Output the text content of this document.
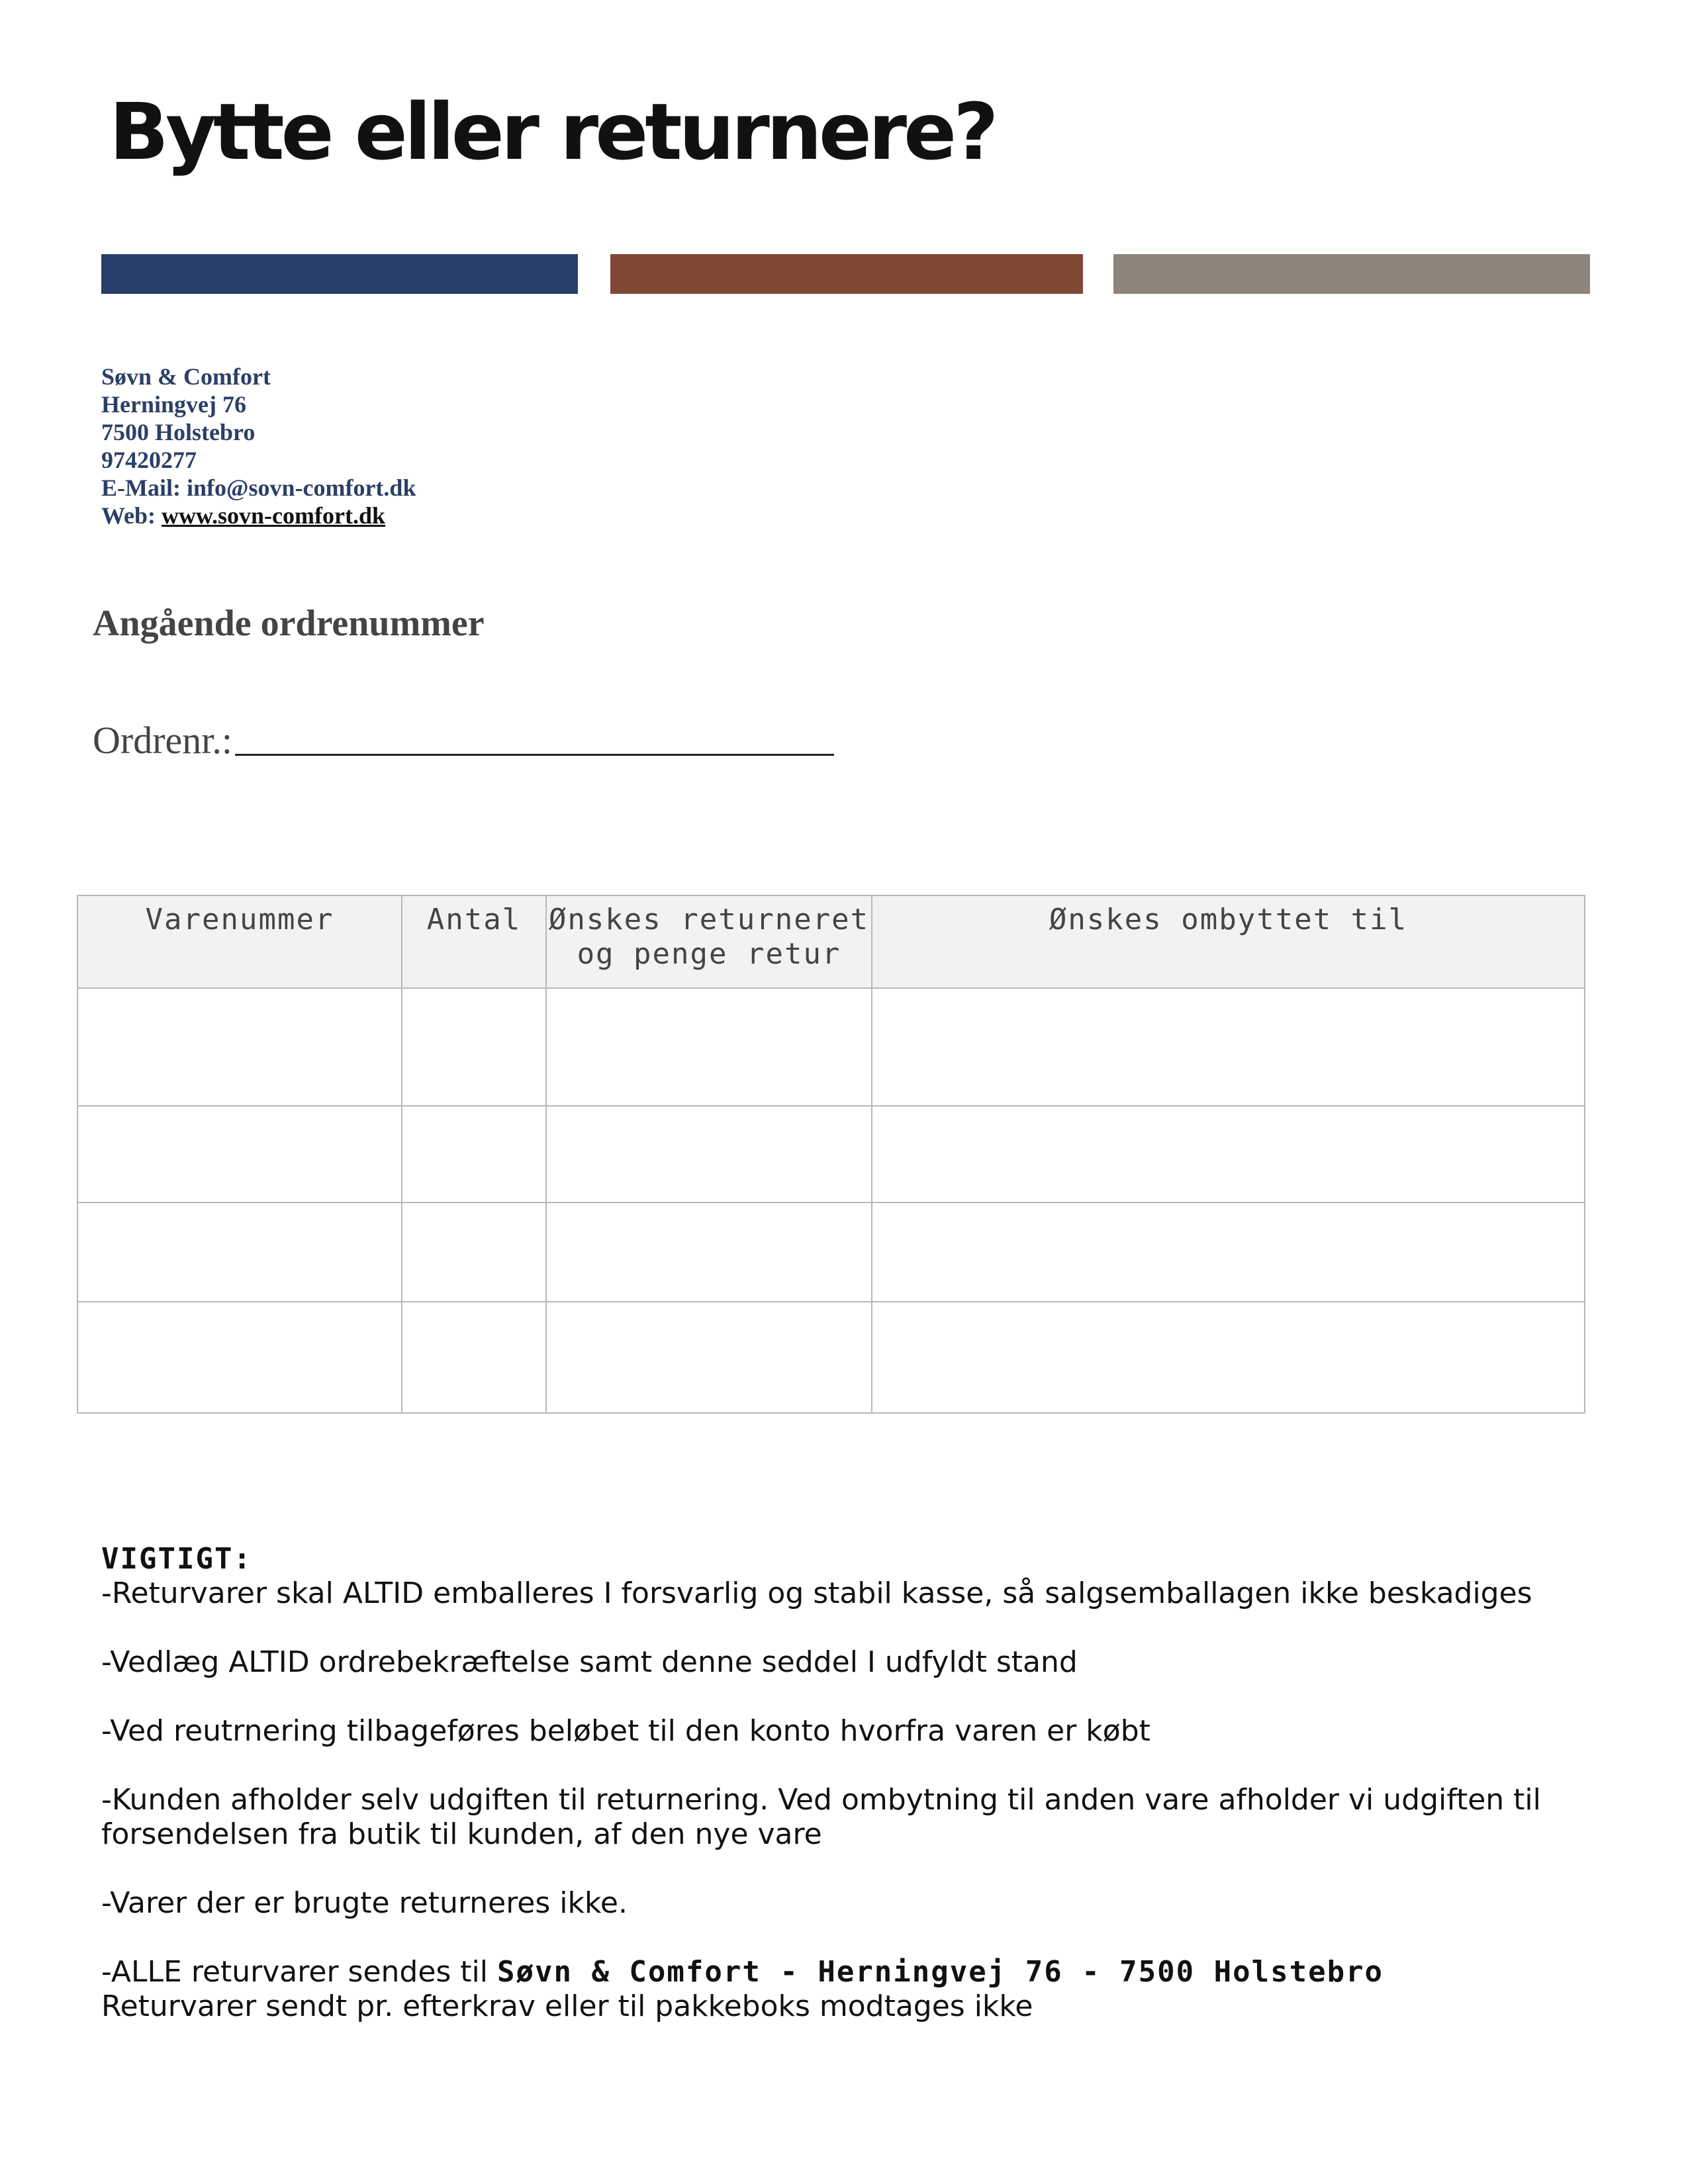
Bytte eller returnere?
Søvn & Comfort
Herningvej 76
7500 Holstebro
97420277
E-Mail: info@sovn-comfort.dk
Web: www.sovn-comfort.dk
Angående ordrenummer
Ordrenr.:
Varenummer	Antal	Ønskes returneret og penge retur	Ønskes ombyttet til

VIGTIGT:

-Returvarer skal ALTID emballeres I forsvarlig og stabil kasse, så salgsemballagen ikke beskadiges

-Vedlæg ALTID ordrebekræftelse samt denne seddel I udfyldt stand

-Ved reutrnering tilbageføres beløbet til den konto hvorfra varen er købt

-Kunden afholder selv udgiften til returnering. Ved ombytning til anden vare afholder vi udgiften til forsendelsen fra butik til kunden, af den nye vare

-Varer der er brugte returneres ikke.

-ALLE returvarer sendes til Søvn & Comfort - Herningvej 76 - 7500 Holstebro

Returvarer sendt pr. efterkrav eller til pakkeboks modtages ikke
